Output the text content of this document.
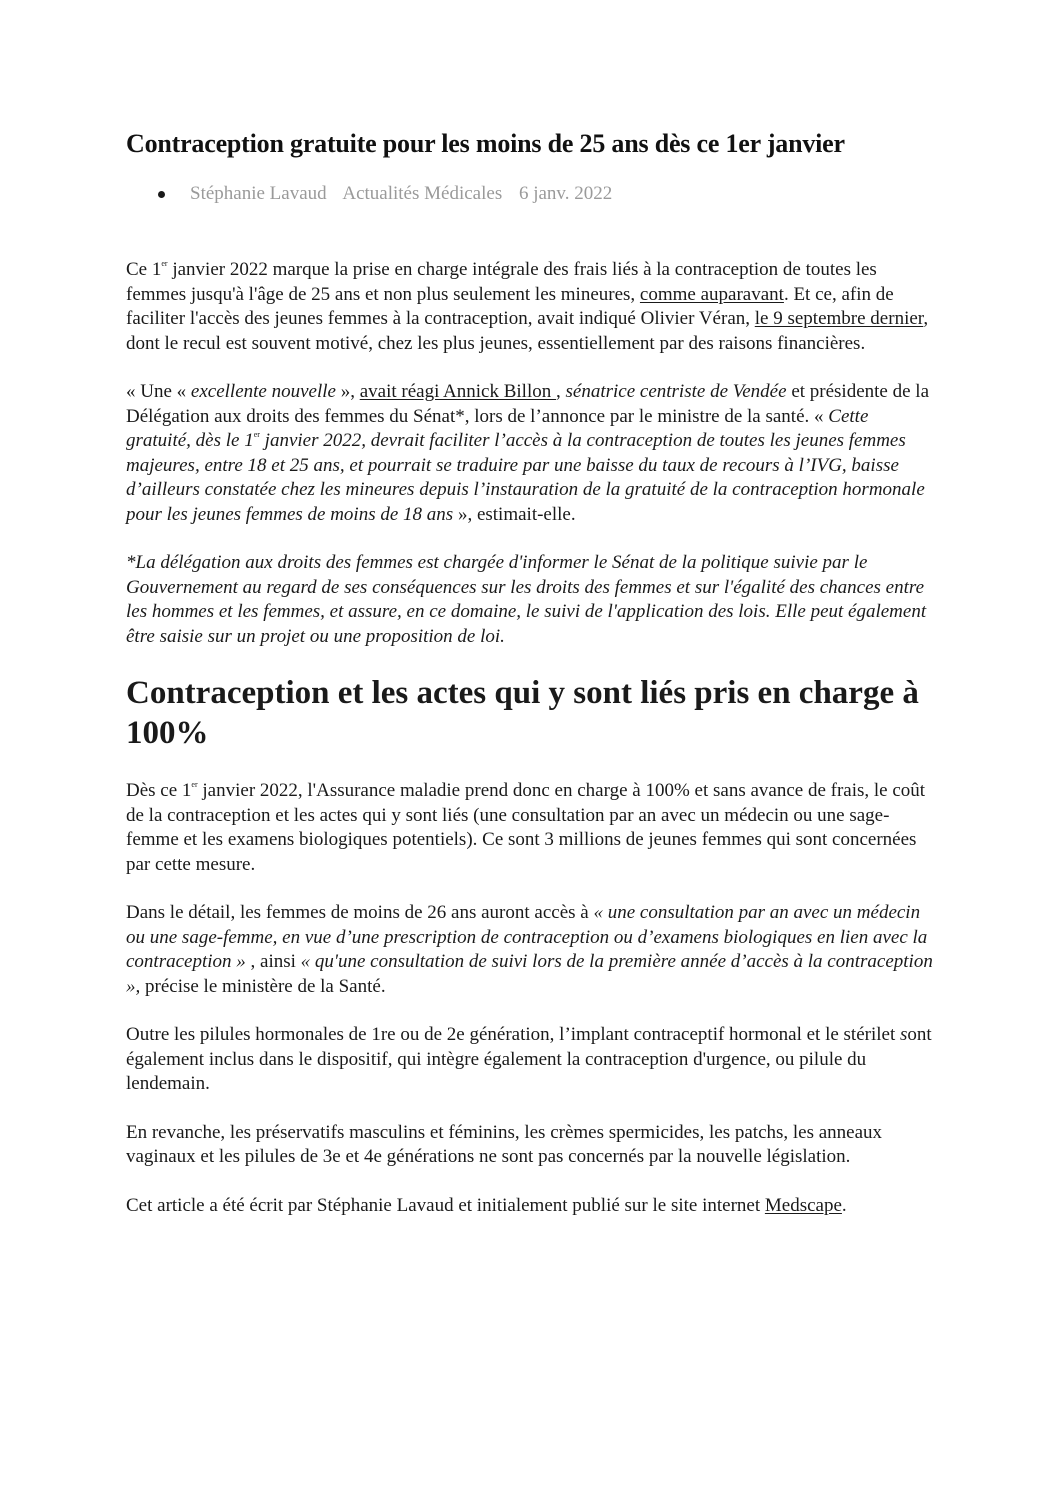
Contraception gratuite pour les moins de 25 ans dès ce 1er janvier
Stéphanie Lavaud Actualités Médicales 6 janv. 2022

Ce 1er janvier 2022 marque la prise en charge intégrale des frais liés à la contraception de toutes les femmes jusqu'à l'âge de 25 ans et non plus seulement les mineures, comme auparavant. Et ce, afin de faciliter l'accès des jeunes femmes à la contraception, avait indiqué Olivier Véran, le 9 septembre dernier, dont le recul est souvent motivé, chez les plus jeunes, essentiellement par des raisons financières.

« Une « excellente nouvelle », avait réagi Annick Billon , sénatrice centriste de Vendée et présidente de la Délégation aux droits des femmes du Sénat*, lors de l’annonce par le ministre de la santé. « Cette gratuité, dès le 1er janvier 2022, devrait faciliter l’accès à la contraception de toutes les jeunes femmes majeures, entre 18 et 25 ans, et pourrait se traduire par une baisse du taux de recours à l’IVG, baisse d’ailleurs constatée chez les mineures depuis l’instauration de la gratuité de la contraception hormonale pour les jeunes femmes de moins de 18 ans », estimait-elle.

*La délégation aux droits des femmes est chargée d'informer le Sénat de la politique suivie par le Gouvernement au regard de ses conséquences sur les droits des femmes et sur l'égalité des chances entre les hommes et les femmes, et assure, en ce domaine, le suivi de l'application des lois. Elle peut également être saisie sur un projet ou une proposition de loi.

Contraception et les actes qui y sont liés pris en charge à 100%

Dès ce 1er janvier 2022, l'Assurance maladie prend donc en charge à 100% et sans avance de frais, le coût de la contraception et les actes qui y sont liés (une consultation par an avec un médecin ou une sage-femme et les examens biologiques potentiels). Ce sont 3 millions de jeunes femmes qui sont concernées par cette mesure.

Dans le détail, les femmes de moins de 26 ans auront accès à « une consultation par an avec un médecin ou une sage-femme, en vue d’une prescription de contraception ou d’examens biologiques en lien avec la contraception » , ainsi « qu'une consultation de suivi lors de la première année d’accès à la contraception », précise le ministère de la Santé.

Outre les pilules hormonales de 1re ou de 2e génération, l’implant contraceptif hormonal et le stérilet sont également inclus dans le dispositif, qui intègre également la contraception d'urgence, ou pilule du lendemain.

En revanche, les préservatifs masculins et féminins, les crèmes spermicides, les patchs, les anneaux vaginaux et les pilules de 3e et 4e générations ne sont pas concernés par la nouvelle législation.

Cet article a été écrit par Stéphanie Lavaud et initialement publié sur le site internet Medscape.
